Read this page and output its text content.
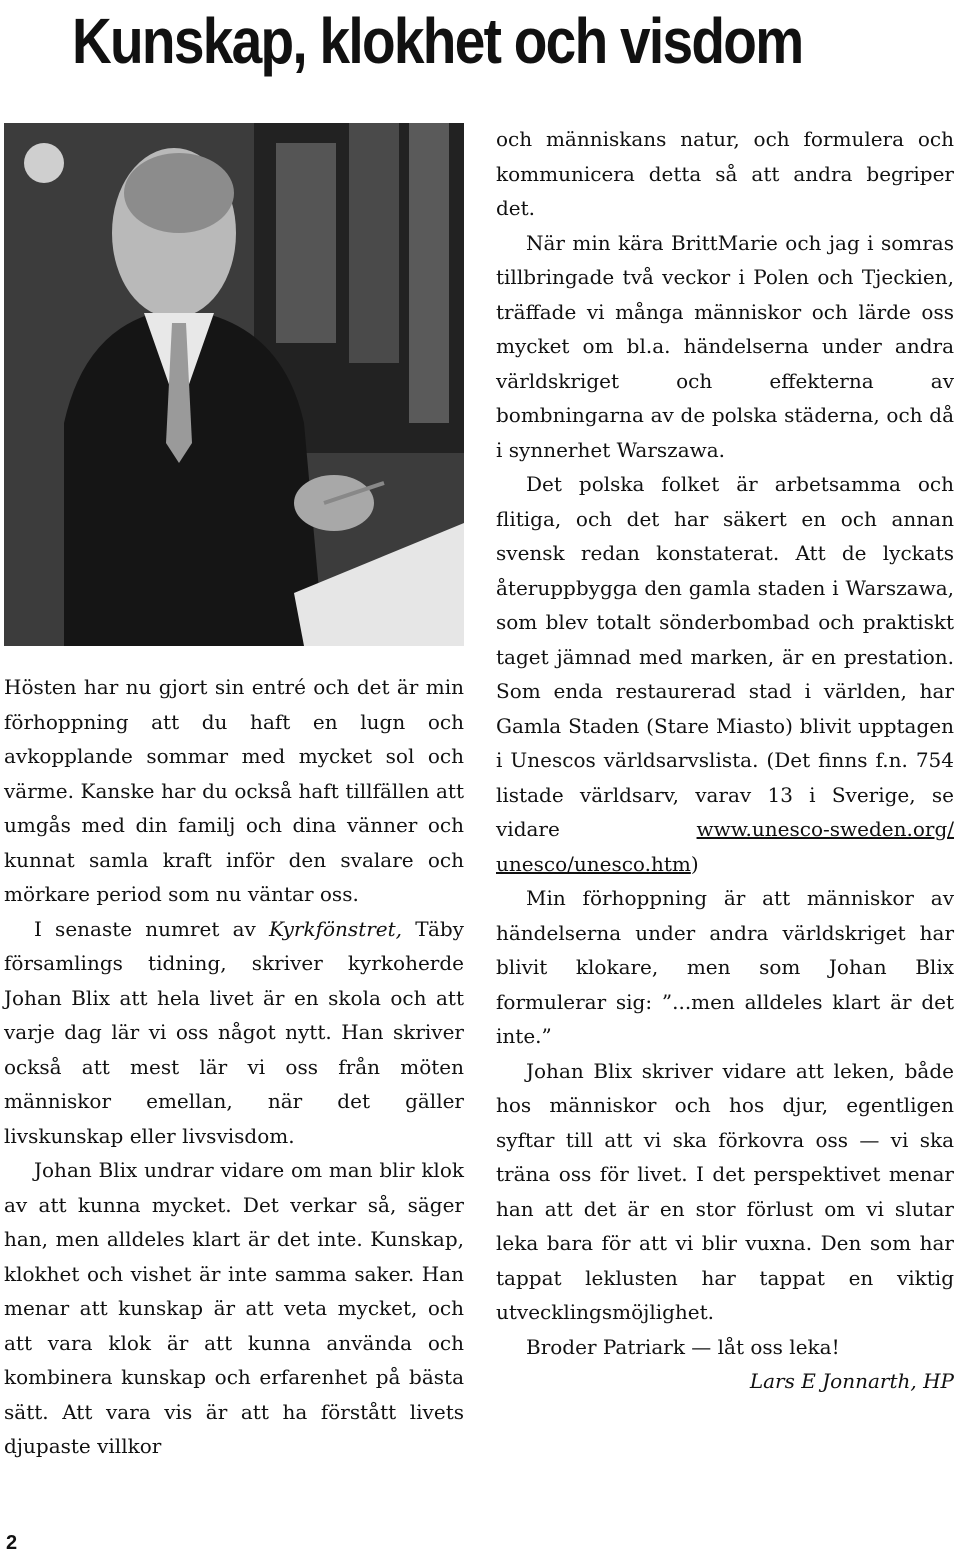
Kunskap, klokhet och visdom

Hösten har nu gjort sin entré och det är min förhoppning att du haft en lugn och avkopplande sommar med mycket sol och värme. Kanske har du också haft tillfällen att umgås med din familj och dina vänner och kunnat samla kraft inför den svalare och mörkare period som nu väntar oss.

I senaste numret av Kyrkfönstret, Täby församlings tidning, skriver kyrkoherde Johan Blix att hela livet är en skola och att varje dag lär vi oss något nytt. Han skriver också att mest lär vi oss från möten människor emellan, när det gäller livskunskap eller livsvisdom.

Johan Blix undrar vidare om man blir klok av att kunna mycket. Det verkar så, säger han, men alldeles klart är det inte. Kunskap, klokhet och vishet är inte samma saker. Han menar att kunskap är att veta mycket, och att vara klok är att kunna använda och kombinera kunskap och erfarenhet på bästa sätt. Att vara vis är att ha förstått livets djupaste villkor

och människans natur, och formulera och kommunicera detta så att andra begriper det.

När min kära BrittMarie och jag i somras tillbringade två veckor i Polen och Tjeckien, träffade vi många människor och lärde oss mycket om bl.a. händelserna under andra världskriget och effekterna av bombningarna av de polska städerna, och då i synnerhet Warszawa.

Det polska folket är arbetsamma och flitiga, och det har säkert en och annan svensk redan konstaterat. Att de lyckats återuppbygga den gamla staden i Warszawa, som blev totalt sönderbombad och praktiskt taget jämnad med marken, är en prestation. Som enda restaurerad stad i världen, har Gamla Staden (Stare Miasto) blivit upptagen i Unescos världsarvslista. (Det finns f.n. 754 listade världsarv, varav 13 i Sverige, se vidare www.unesco-sweden.org/ unesco/unesco.htm)

Min förhoppning är att människor av händelserna under andra världskriget har blivit klokare, men som Johan Blix formulerar sig: ”...men alldeles klart är det inte.”

Johan Blix skriver vidare att leken, både hos människor och hos djur, egentligen syftar till att vi ska förkovra oss — vi ska träna oss för livet. I det perspektivet menar han att det är en stor förlust om vi slutar leka bara för att vi blir vuxna. Den som har tappat leklusten har tappat en viktig utvecklingsmöjlighet.

Broder Patriark — låt oss leka!

Lars E Jonnarth, HP

2
